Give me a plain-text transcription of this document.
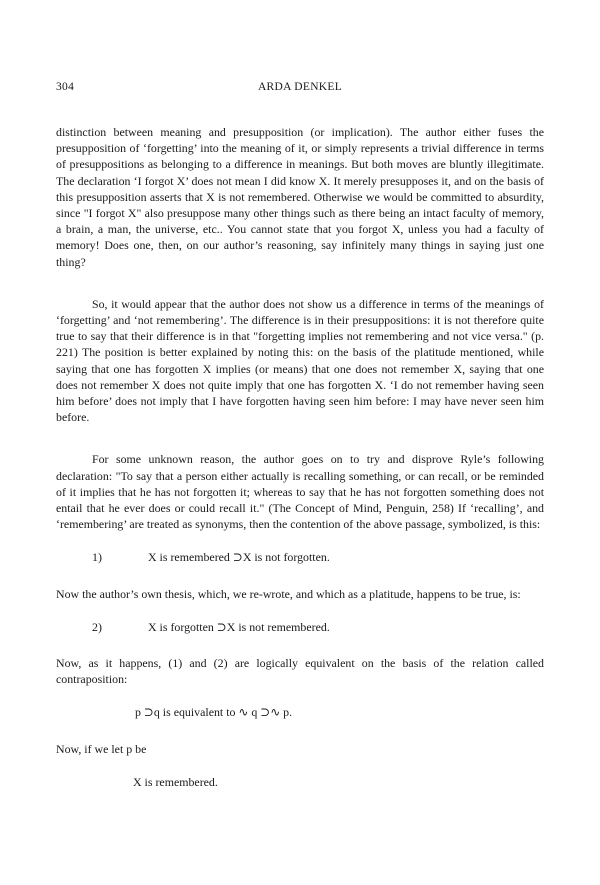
304	ARDA DENKEL

distinction between meaning and presupposition (or implication). The author either fuses the presupposition of ‘forgetting’ into the meaning of it, or simply represents a trivial difference in terms of presuppositions as belonging to a difference in meanings. But both moves are bluntly illegitimate. The declaration ‘I forgot X’ does not mean I did know X. It merely presupposes it, and on the basis of this presupposition asserts that X is not remembered. Otherwise we would be committed to absurdity, since "I forgot X" also presuppose many other things such as there being an intact faculty of memory, a brain, a man, the universe, etc.. You cannot state that you forgot X, unless you had a faculty of memory! Does one, then, on our author’s reasoning, say infinitely many things in saying just one thing?

So, it would appear that the author does not show us a difference in terms of the meanings of ‘forgetting’ and ‘not remembering’. The difference is in their presuppositions: it is not therefore quite true to say that their difference is in that "forgetting implies not remembering and not vice versa." (p. 221) The position is better explained by noting this: on the basis of the platitude mentioned, while saying that one has forgotten X implies (or means) that one does not remember X, saying that one does not remember X does not quite imply that one has forgotten X. ‘I do not remember having seen him before’ does not imply that I have forgotten having seen him before: I may have never seen him before.

For some unknown reason, the author goes on to try and disprove Ryle’s following declaration: "To say that a person either actually is recalling something, or can recall, or be reminded of it implies that he has not forgotten it; whereas to say that he has not forgotten something does not entail that he ever does or could recall it." (The Concept of Mind, Penguin, 258) If ‘recalling’, and ‘remembering’ are treated as synonyms, then the contention of the above passage, symbolized, is this:

1)	X is remembered ⊃X is not forgotten.

Now the author’s own thesis, which, we re-wrote, and which as a platitude, happens to be true, is:

2)	X is forgotten ⊃X is not remembered.

Now, as it happens, (1) and (2) are logically equivalent on the basis of the relation called contraposition:

p ⊃q is equivalent to ∿ q ⊃∿ p.

Now, if we let p be

X is remembered.
